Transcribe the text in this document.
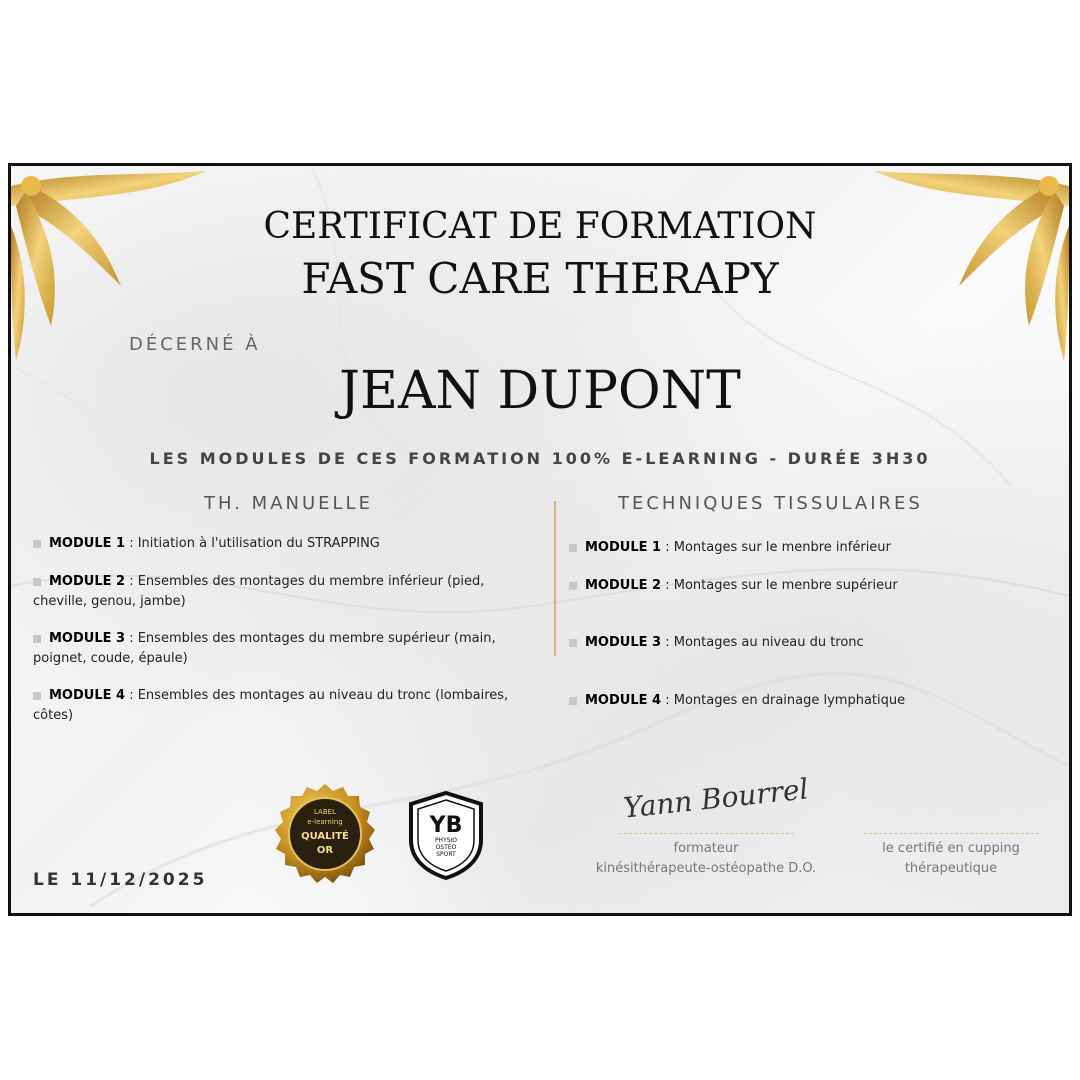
CERTIFICAT DE FORMATION
FAST CARE THERAPY
DÉCERNÉ À
JEAN DUPONT
LES MODULES DE CES FORMATION 100% E-LEARNING - DURÉE 3H30
TH. MANUELLE	TECHNIQUES TISSULAIRES
MODULE 1 : Initiation à l'utilisation du STRAPPING
MODULE 2 : Ensembles des montages du membre inférieur (pied, cheville, genou, jambe)
MODULE 3 : Ensembles des montages du membre supérieur (main, poignet, coude, épaule)
MODULE 4 : Ensembles des montages au niveau du tronc (lombaires, côtes)
MODULE 1 : Montages sur le menbre inférieur
MODULE 2 : Montages sur le menbre supérieur
MODULE 3 : Montages au niveau du tronc
MODULE 4 : Montages en drainage lymphatique
LE 11/12/2025
LABEL
e-learning
QUALITÉ
OR
YB
PHYSIO
OSTEO
SPORT
Yann Bourrel
formateur
kinésithérapeute-ostéopathe D.O.
le certifié en cupping
thérapeutique
